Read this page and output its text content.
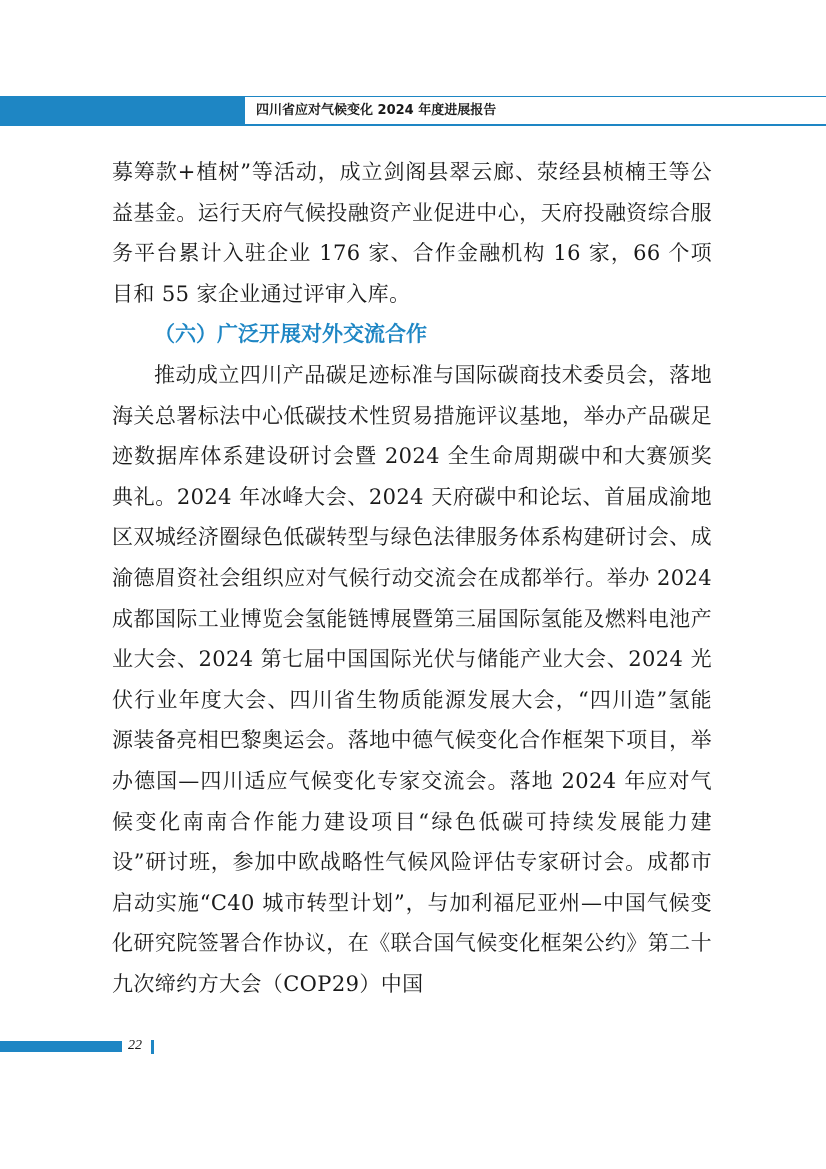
四川省应对气候变化 2024 年度进展报告

募筹款+植树”等活动，成立剑阁县翠云廊、荥经县桢楠王等公益基金。运行天府气候投融资产业促进中心，天府投融资综合服务平台累计入驻企业 176 家、合作金融机构 16 家，66 个项目和 55 家企业通过评审入库。

（六）广泛开展对外交流合作

推动成立四川产品碳足迹标准与国际碳商技术委员会，落地海关总署标法中心低碳技术性贸易措施评议基地，举办产品碳足迹数据库体系建设研讨会暨 2024 全生命周期碳中和大赛颁奖典礼。2024 年冰峰大会、2024 天府碳中和论坛、首届成渝地区双城经济圈绿色低碳转型与绿色法律服务体系构建研讨会、成渝德眉资社会组织应对气候行动交流会在成都举行。举办 2024 成都国际工业博览会氢能链博展暨第三届国际氢能及燃料电池产业大会、2024 第七届中国国际光伏与储能产业大会、2024 光伏行业年度大会、四川省生物质能源发展大会，“四川造”氢能源装备亮相巴黎奥运会。落地中德气候变化合作框架下项目，举办德国—四川适应气候变化专家交流会。落地 2024 年应对气候变化南南合作能力建设项目“绿色低碳可持续发展能力建设”研讨班，参加中欧战略性气候风险评估专家研讨会。成都市启动实施“C40 城市转型计划”，与加利福尼亚州—中国气候变化研究院签署合作协议，在《联合国气候变化框架公约》第二十九次缔约方大会（COP29）中国

22
